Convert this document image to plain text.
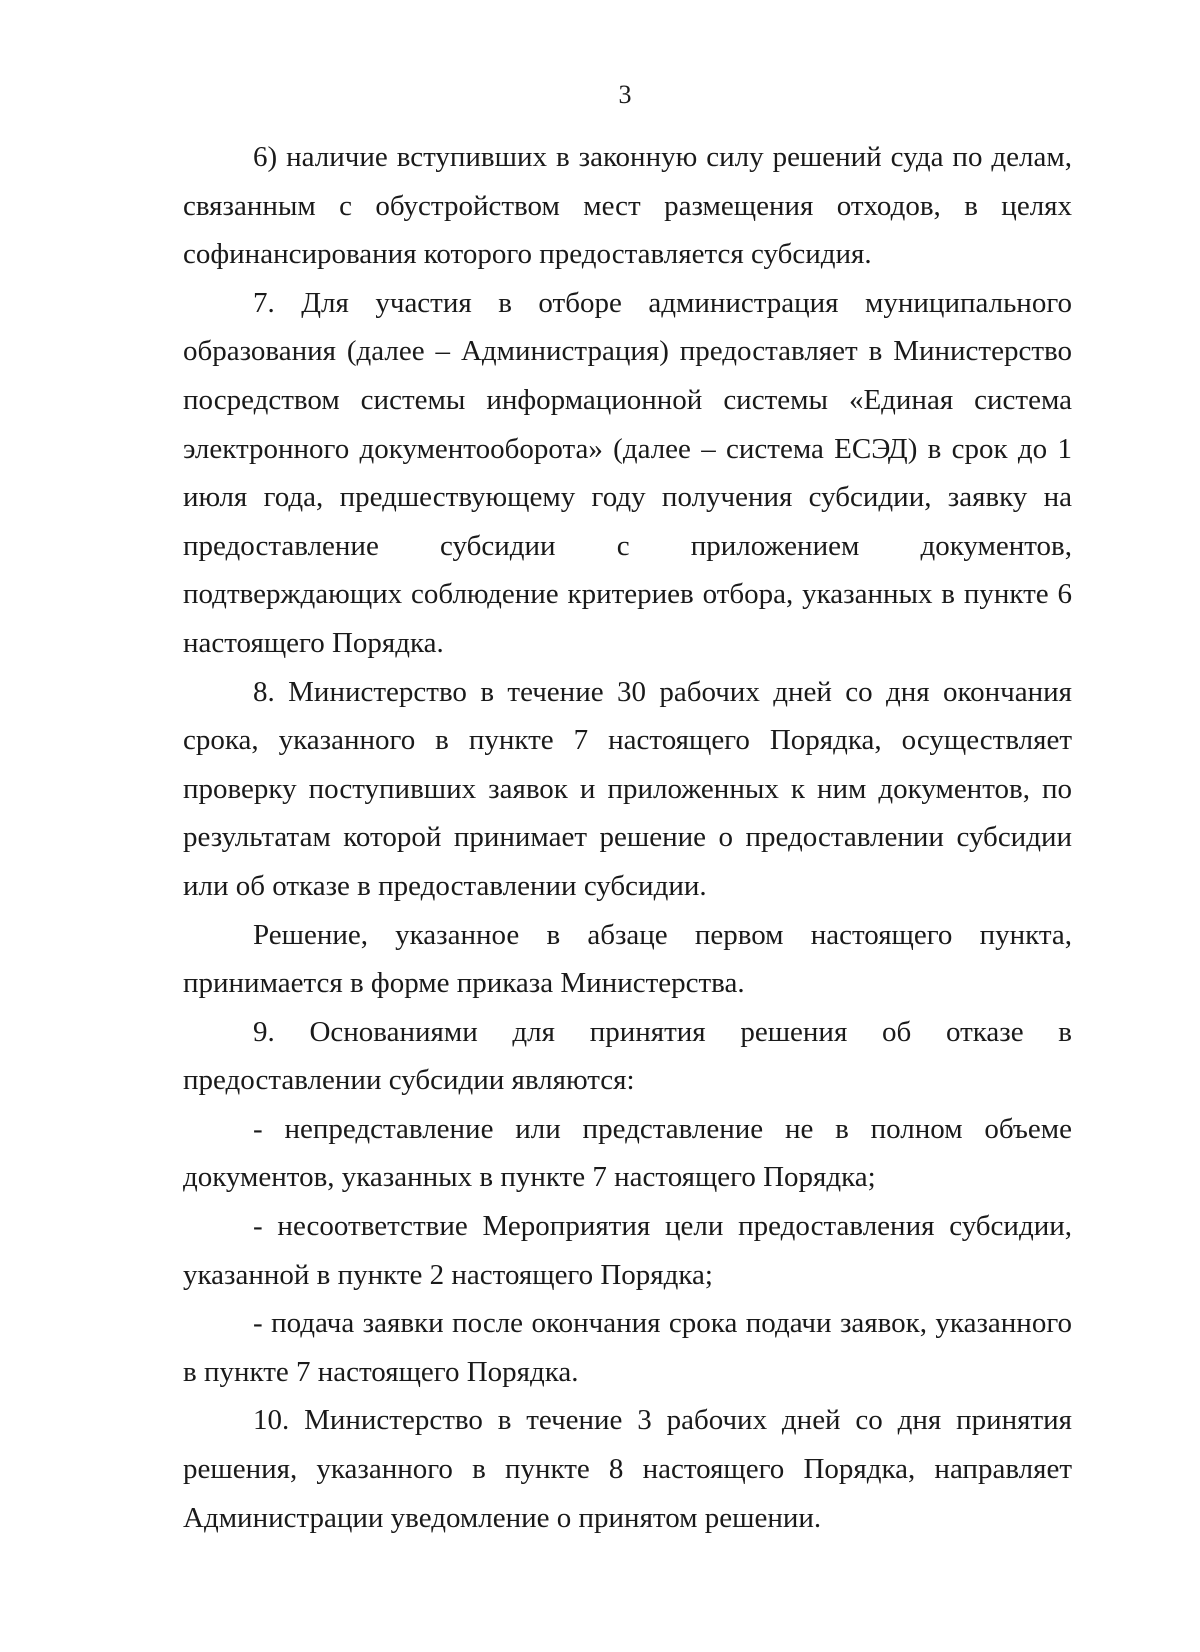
3

6) наличие вступивших в законную силу решений суда по делам, связанным с обустройством мест размещения отходов, в целях софинансирования которого предоставляется субсидия.

7. Для участия в отборе администрация муниципального образования (далее – Администрация) предоставляет в Министерство посредством системы информационной системы «Единая система электронного документооборота» (далее – система ЕСЭД) в срок до 1 июля года, предшествующему году получения субсидии, заявку на предоставление субсидии с приложением документов, подтверждающих соблюдение критериев отбора, указанных в пункте 6 настоящего Порядка.

8. Министерство в течение 30 рабочих дней со дня окончания срока, указанного в пункте 7 настоящего Порядка, осуществляет проверку поступивших заявок и приложенных к ним документов, по результатам которой принимает решение о предоставлении субсидии или об отказе в предоставлении субсидии.

Решение, указанное в абзаце первом настоящего пункта, принимается в форме приказа Министерства.

9. Основаниями для принятия решения об отказе в предоставлении субсидии являются:

- непредставление или представление не в полном объеме документов, указанных в пункте 7 настоящего Порядка;

- несоответствие Мероприятия цели предоставления субсидии, указанной в пункте 2 настоящего Порядка;

- подача заявки после окончания срока подачи заявок, указанного в пункте 7 настоящего Порядка.

10. Министерство в течение 3 рабочих дней со дня принятия решения, указанного в пункте 8 настоящего Порядка, направляет Администрации уведомление о принятом решении.
